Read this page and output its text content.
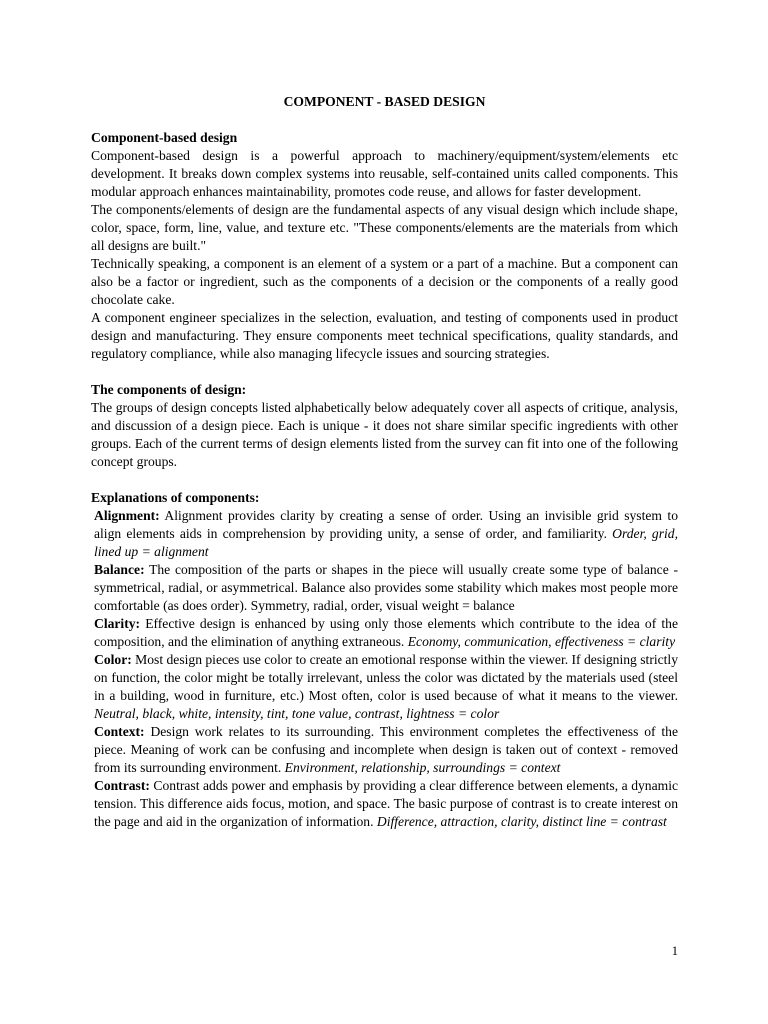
COMPONENT - BASED DESIGN

Component-based design

Component-based design is a powerful approach to machinery/equipment/system/elements etc development. It breaks down complex systems into reusable, self-contained units called components. This modular approach enhances maintainability, promotes code reuse, and allows for faster development.

The components/elements of design are the fundamental aspects of any visual design which include shape, color, space, form, line, value, and texture etc. "These components/elements are the materials from which all designs are built."

Technically speaking, a component is an element of a system or a part of a machine. But a component can also be a factor or ingredient, such as the components of a decision or the components of a really good chocolate cake.

A component engineer specializes in the selection, evaluation, and testing of components used in product design and manufacturing. They ensure components meet technical specifications, quality standards, and regulatory compliance, while also managing lifecycle issues and sourcing strategies.

The components of design:

The groups of design concepts listed alphabetically below adequately cover all aspects of critique, analysis, and discussion of a design piece. Each is unique - it does not share similar specific ingredients with other groups. Each of the current terms of design elements listed from the survey can fit into one of the following concept groups.

Explanations of components:

Alignment: Alignment provides clarity by creating a sense of order. Using an invisible grid system to align elements aids in comprehension by providing unity, a sense of order, and familiarity. Order, grid, lined up = alignment

Balance: The composition of the parts or shapes in the piece will usually create some type of balance - symmetrical, radial, or asymmetrical. Balance also provides some stability which makes most people more comfortable (as does order). Symmetry, radial, order, visual weight = balance

Clarity: Effective design is enhanced by using only those elements which contribute to the idea of the composition, and the elimination of anything extraneous. Economy, communication, effectiveness = clarity

Color: Most design pieces use color to create an emotional response within the viewer. If designing strictly on function, the color might be totally irrelevant, unless the color was dictated by the materials used (steel in a building, wood in furniture, etc.) Most often, color is used because of what it means to the viewer. Neutral, black, white, intensity, tint, tone value, contrast, lightness = color

Context: Design work relates to its surrounding. This environment completes the effectiveness of the piece. Meaning of work can be confusing and incomplete when design is taken out of context - removed from its surrounding environment. Environment, relationship, surroundings = context

Contrast: Contrast adds power and emphasis by providing a clear difference between elements, a dynamic tension. This difference aids focus, motion, and space. The basic purpose of contrast is to create interest on the page and aid in the organization of information. Difference, attraction, clarity, distinct line = contrast

1
